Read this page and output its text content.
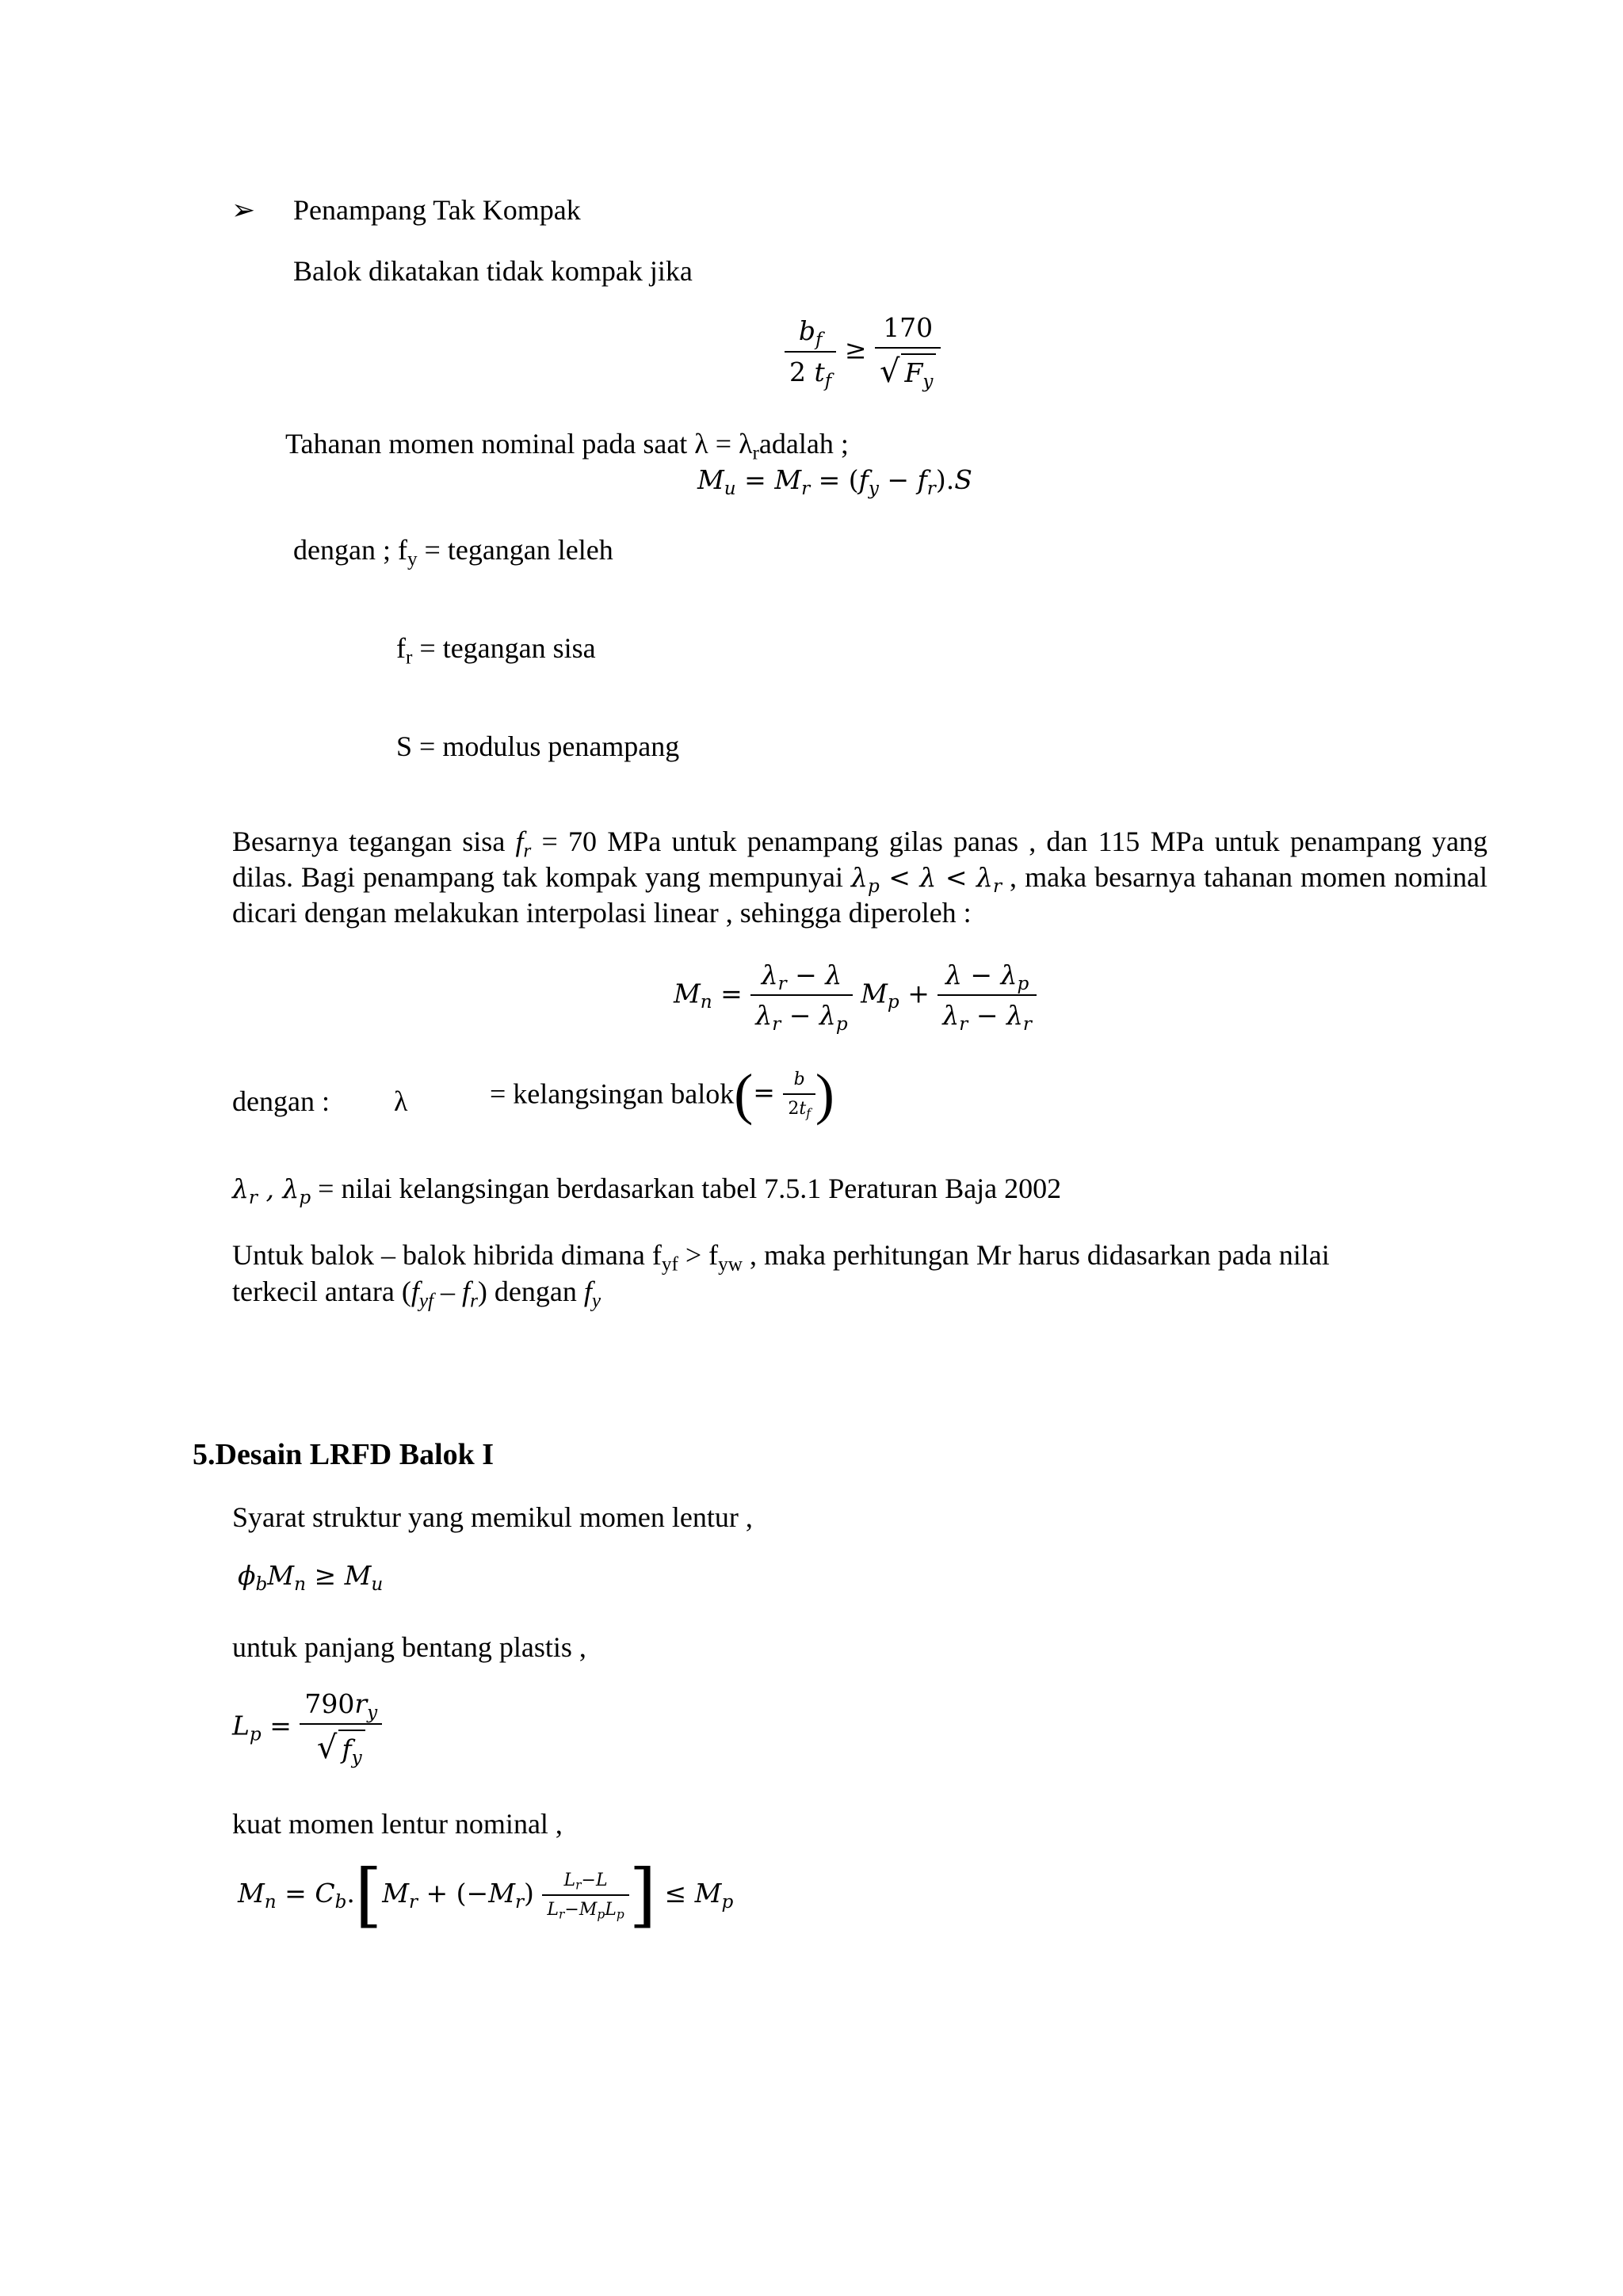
➢ Penampang Tak Kompak
Balok dikatakan tidak kompak jika
$\frac{b_f}{2 t_f} \ge \frac{170}{√ F_y}$
Tahanan momen nominal pada saat $\lambda = \lambda_radalah$ ;
$M_u = M_r = (f_y - f_r).S$
dengan ; $f_y$ = tegangan leleh
$f_r$ = tegangan sisa
S = modulus penampang
Besarnya tegangan sisa $f_r = 70$ MPa untuk penampang gilas panas , dan 115 MPa untuk penampang yang dilas. Bagi penampang tak kompak yang mempunyai $\lambda_p < \lambda < \lambda_r$ , maka besarnya tahanan momen nominal dicari dengan melakukan interpolasi linear , sehingga diperoleh :
$M_n = \frac{\lambda_r - \lambda}{\lambda_r - \lambda_p} M_p + \frac{\lambda - \lambda_p}{\lambda_r - \lambda_r}$
dengan : λ	= kelangsingan balok(= $\frac{b}{2t_f}$ )
$\lambda_r$ , $\lambda_p$ = nilai kelangsingan berdasarkan tabel 7.5.1 Peraturan Baja 2002
Untuk balok – balok hibrida dimana $f_{yf} > f_{yw}$ , maka perhitungan Mr harus didasarkan pada nilai
terkecil antara $(f_{yf} - f_r)$ dengan $f_y$
5.Desain LRFD Balok I
Syarat struktur yang memikul momen lentur ,
$\phi_bM_n \ge M_u$
untuk panjang bentang plastis ,
$L_p = \frac{790r_y}{√ f_y}$
kuat momen lentur nominal ,
$M_n = C_b.[M_r + (-M_r) \frac{L_r-L}{L_r-M_pL_p}$ ] ≤ $M_p$
